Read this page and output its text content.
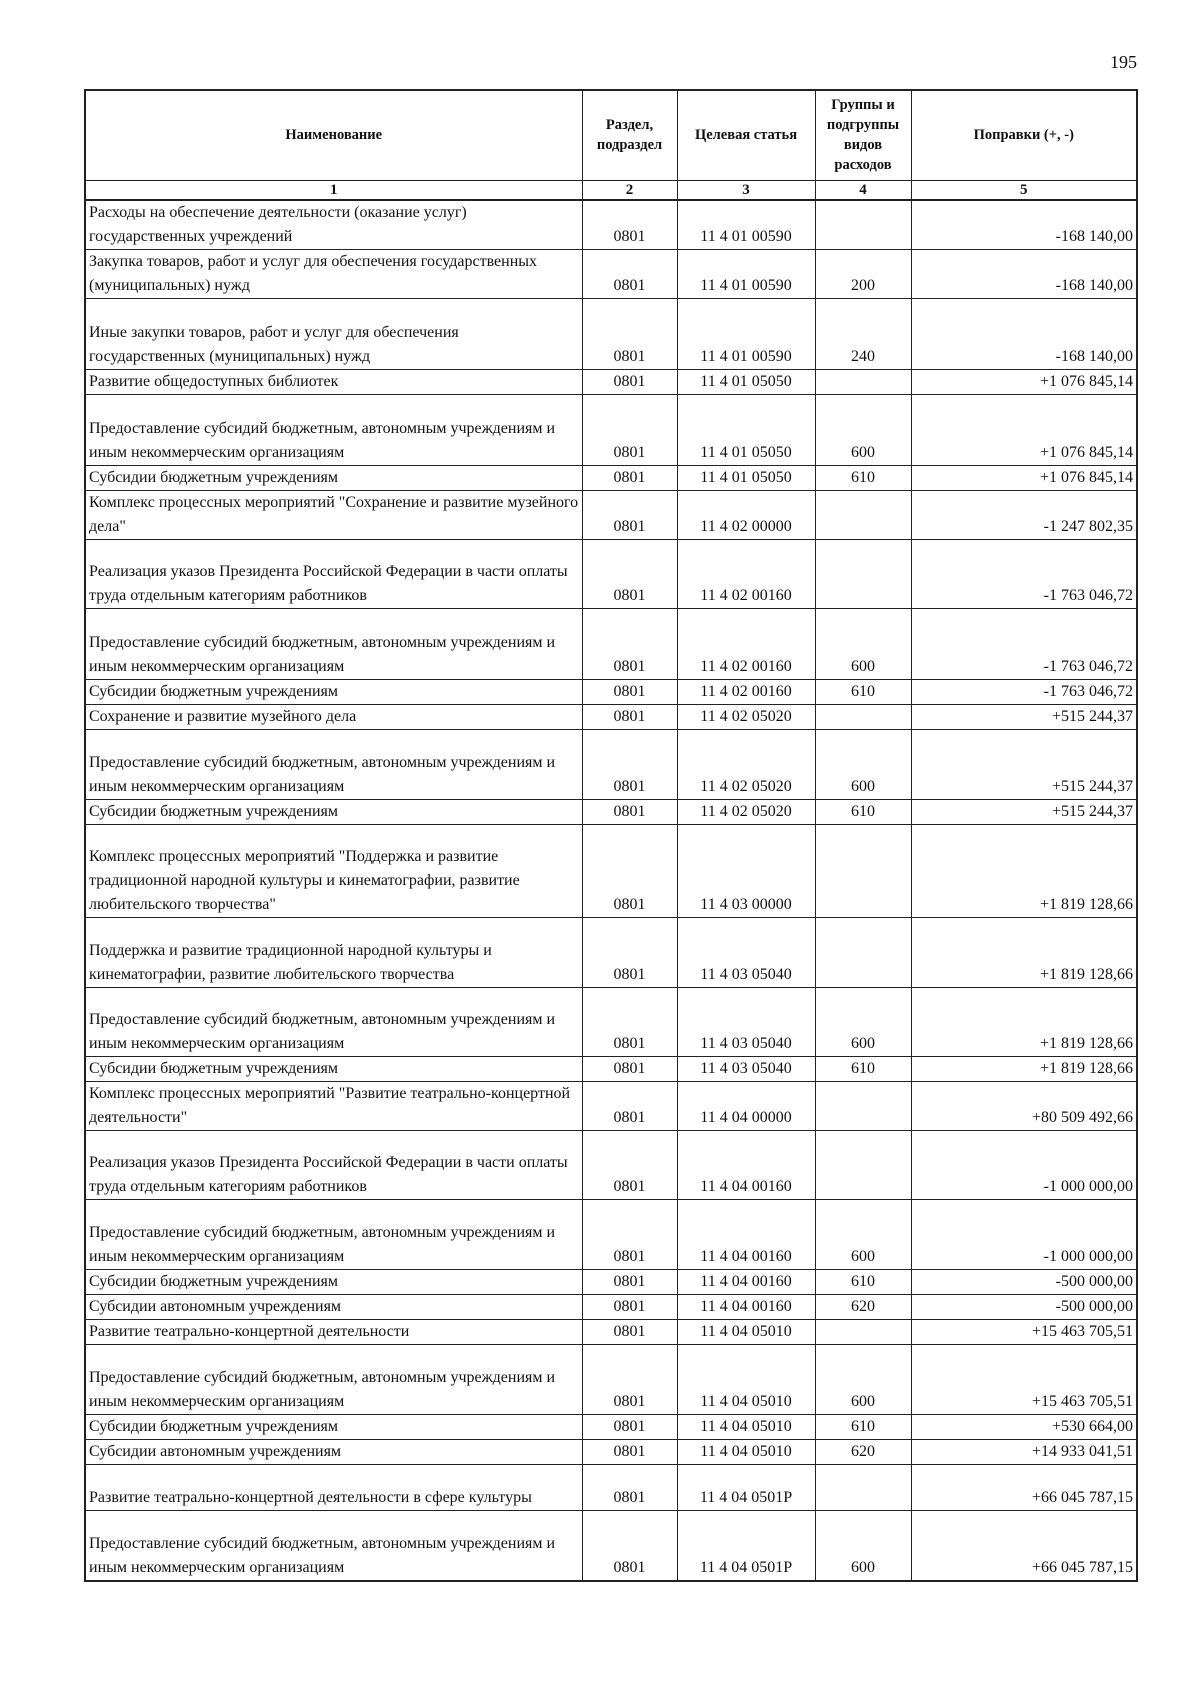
195
Наименование	Раздел, подраздел	Целевая статья	Группы и подгруппы видов расходов	Поправки (+, -)
1	2	3	4	5
Расходы на обеспечение деятельности (оказание услуг) государственных учреждений	0801	11 4 01 00590		-168 140,00
Закупка товаров, работ и услуг для обеспечения государственных (муниципальных) нужд	0801	11 4 01 00590	200	-168 140,00
Иные закупки товаров, работ и услуг для обеспечения государственных (муниципальных) нужд	0801	11 4 01 00590	240	-168 140,00
Развитие общедоступных библиотек	0801	11 4 01 05050		+1 076 845,14
Предоставление субсидий бюджетным, автономным учреждениям и иным некоммерческим организациям	0801	11 4 01 05050	600	+1 076 845,14
Субсидии бюджетным учреждениям	0801	11 4 01 05050	610	+1 076 845,14
Комплекс процессных мероприятий "Сохранение и развитие музейного дела"	0801	11 4 02 00000		-1 247 802,35
Реализация указов Президента Российской Федерации в части оплаты труда отдельным категориям работников	0801	11 4 02 00160		-1 763 046,72
Предоставление субсидий бюджетным, автономным учреждениям и иным некоммерческим организациям	0801	11 4 02 00160	600	-1 763 046,72
Субсидии бюджетным учреждениям	0801	11 4 02 00160	610	-1 763 046,72
Сохранение и развитие музейного дела	0801	11 4 02 05020		+515 244,37
Предоставление субсидий бюджетным, автономным учреждениям и иным некоммерческим организациям	0801	11 4 02 05020	600	+515 244,37
Субсидии бюджетным учреждениям	0801	11 4 02 05020	610	+515 244,37
Комплекс процессных мероприятий "Поддержка и развитие традиционной народной культуры и кинематографии, развитие любительского творчества"	0801	11 4 03 00000		+1 819 128,66
Поддержка и развитие традиционной народной культуры и кинематографии, развитие любительского творчества	0801	11 4 03 05040		+1 819 128,66
Предоставление субсидий бюджетным, автономным учреждениям и иным некоммерческим организациям	0801	11 4 03 05040	600	+1 819 128,66
Субсидии бюджетным учреждениям	0801	11 4 03 05040	610	+1 819 128,66
Комплекс процессных мероприятий "Развитие театрально-концертной деятельности"	0801	11 4 04 00000		+80 509 492,66
Реализация указов Президента Российской Федерации в части оплаты труда отдельным категориям работников	0801	11 4 04 00160		-1 000 000,00
Предоставление субсидий бюджетным, автономным учреждениям и иным некоммерческим организациям	0801	11 4 04 00160	600	-1 000 000,00
Субсидии бюджетным учреждениям	0801	11 4 04 00160	610	-500 000,00
Субсидии автономным учреждениям	0801	11 4 04 00160	620	-500 000,00
Развитие театрально-концертной деятельности	0801	11 4 04 05010		+15 463 705,51
Предоставление субсидий бюджетным, автономным учреждениям и иным некоммерческим организациям	0801	11 4 04 05010	600	+15 463 705,51
Субсидии бюджетным учреждениям	0801	11 4 04 05010	610	+530 664,00
Субсидии автономным учреждениям	0801	11 4 04 05010	620	+14 933 041,51
Развитие театрально-концертной деятельности в сфере культуры	0801	11 4 04 0501P		+66 045 787,15
Предоставление субсидий бюджетным, автономным учреждениям и иным некоммерческим организациям	0801	11 4 04 0501P	600	+66 045 787,15
